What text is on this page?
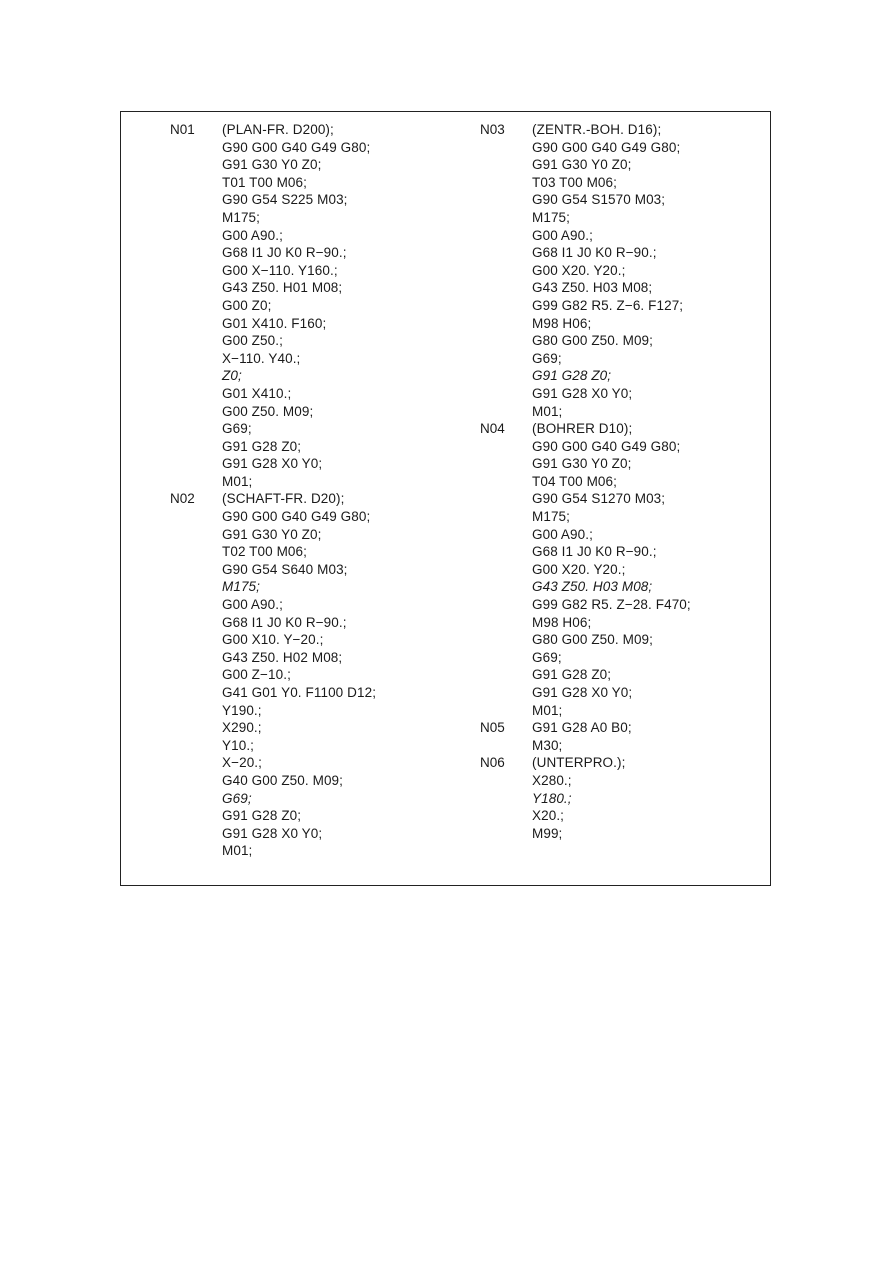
N01	(PLAN-FR. D200);
G90 G00 G40 G49 G80;
G91 G30 Y0 Z0;
T01 T00 M06;
G90 G54 S225 M03;
M175;
G00 A90.;
G68 I1 J0 K0 R−90.;
G00 X−110. Y160.;
G43 Z50. H01 M08;
G00 Z0;
G01 X410. F160;
G00 Z50.;
X−110. Y40.;
Z0;
G01 X410.;
G00 Z50. M09;
G69;
G91 G28 Z0;
G91 G28 X0 Y0;
M01;
N02	(SCHAFT-FR. D20);
G90 G00 G40 G49 G80;
G91 G30 Y0 Z0;
T02 T00 M06;
G90 G54 S640 M03;
M175;
G00 A90.;
G68 I1 J0 K0 R−90.;
G00 X10. Y−20.;
G43 Z50. H02 M08;
G00 Z−10.;
G41 G01 Y0. F1100 D12;
Y190.;
X290.;
Y10.;
X−20.;
G40 G00 Z50. M09;
G69;
G91 G28 Z0;
G91 G28 X0 Y0;
M01;
N03	(ZENTR.-BOH. D16);
G90 G00 G40 G49 G80;
G91 G30 Y0 Z0;
T03 T00 M06;
G90 G54 S1570 M03;
M175;
G00 A90.;
G68 I1 J0 K0 R−90.;
G00 X20. Y20.;
G43 Z50. H03 M08;
G99 G82 R5. Z−6. F127;
M98 H06;
G80 G00 Z50. M09;
G69;
G91 G28 Z0;
G91 G28 X0 Y0;
M01;
N04	(BOHRER D10);
G90 G00 G40 G49 G80;
G91 G30 Y0 Z0;
T04 T00 M06;
G90 G54 S1270 M03;
M175;
G00 A90.;
G68 I1 J0 K0 R−90.;
G00 X20. Y20.;
G43 Z50. H03 M08;
G99 G82 R5. Z−28. F470;
M98 H06;
G80 G00 Z50. M09;
G69;
G91 G28 Z0;
G91 G28 X0 Y0;
M01;
N05	G91 G28 A0 B0;
M30;
N06	(UNTERPRO.);
X280.;
Y180.;
X20.;
M99;
